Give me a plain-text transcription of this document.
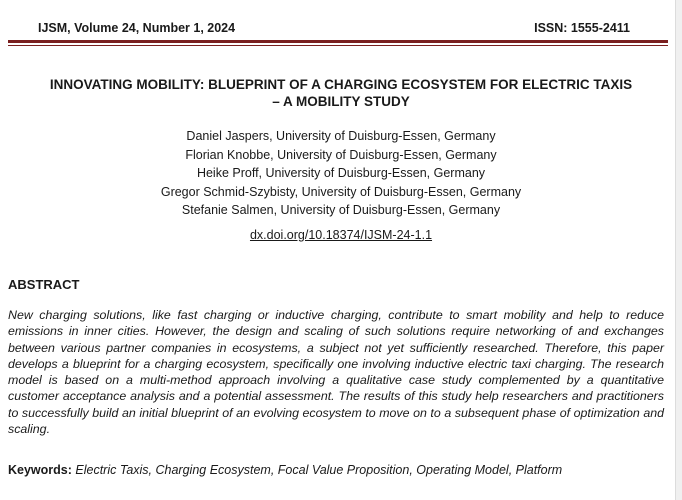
IJSM, Volume 24, Number 1, 2024	ISSN: 1555-2411
INNOVATING MOBILITY: BLUEPRINT OF A CHARGING ECOSYSTEM FOR ELECTRIC TAXIS
– A MOBILITY STUDY
Daniel Jaspers, University of Duisburg-Essen, Germany
Florian Knobbe, University of Duisburg-Essen, Germany
Heike Proff, University of Duisburg-Essen, Germany
Gregor Schmid-Szybisty, University of Duisburg-Essen, Germany
Stefanie Salmen, University of Duisburg-Essen, Germany
dx.doi.org/10.18374/IJSM-24-1.1
ABSTRACT
New charging solutions, like fast charging or inductive charging, contribute to smart mobility and help to reduce emissions in inner cities. However, the design and scaling of such solutions require networking of and exchanges between various partner companies in ecosystems, a subject not yet sufficiently researched. Therefore, this paper develops a blueprint for a charging ecosystem, specifically one involving inductive electric taxi charging. The research model is based on a multi-method approach involving a qualitative case study complemented by a quantitative customer acceptance analysis and a potential assessment. The results of this study help researchers and practitioners to successfully build an initial blueprint of an evolving ecosystem to move on to a subsequent phase of optimization and scaling.
Keywords: Electric Taxis, Charging Ecosystem, Focal Value Proposition, Operating Model, Platform
